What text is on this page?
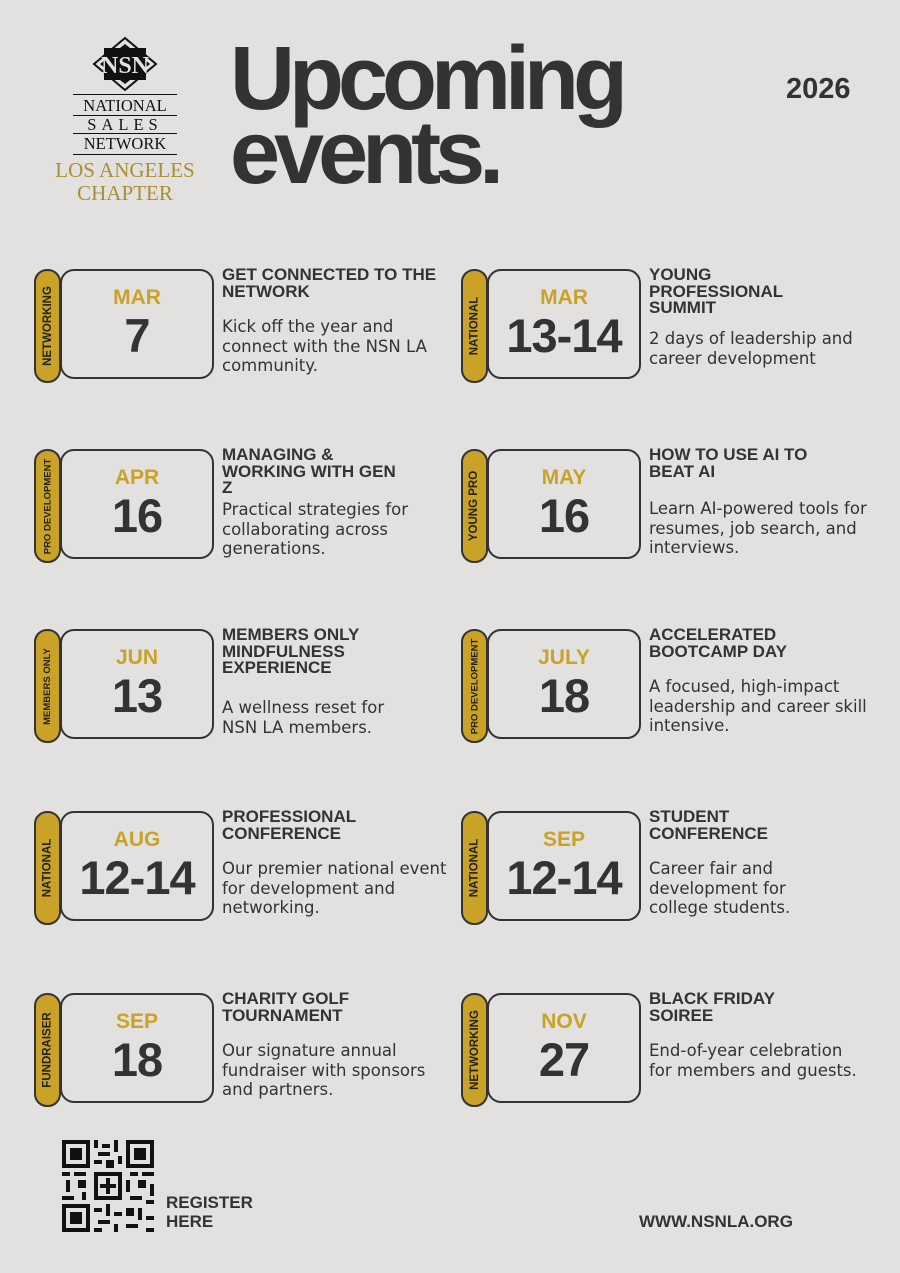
NSN
NATIONAL
SALES
NETWORK
LOS ANGELES
CHAPTER
Upcoming
events.
2026
NETWORKING	MAR
7

GET CONNECTED TO THE NETWORK

Kick off the year and connect with the NSN LA community.

NATIONAL	MAR
13-14

YOUNG PROFESSIONAL SUMMIT

2 days of leadership and career development

PRO DEVELOPMENT	APR
16

MANAGING & WORKING WITH GEN Z

Practical strategies for collaborating across generations.

YOUNG PRO	MAY
16

HOW TO USE AI TO BEAT AI

Learn AI-powered tools for resumes, job search, and interviews.

MEMBERS ONLY	JUN
13

MEMBERS ONLY MINDFULNESS EXPERIENCE

A wellness reset for NSN LA members.	PRO DEVELOPMENT	JULY
18

ACCELERATED BOOTCAMP DAY

A focused, high-impact leadership and career skill intensive.

NATIONAL	AUG
12-14

PROFESSIONAL CONFERENCE

Our premier national event for development and networking.

NATIONAL	SEP
12-14

STUDENT CONFERENCE

Career fair and development for college students.

FUNDRAISER	SEP
18

CHARITY GOLF TOURNAMENT

Our signature annual fundraiser with sponsors and partners.	NETWORKING	NOV
27

BLACK FRIDAY SOIREE

End-of-year celebration for members and guests.

REGISTER
HERE	WWW.NSNLA.ORG
